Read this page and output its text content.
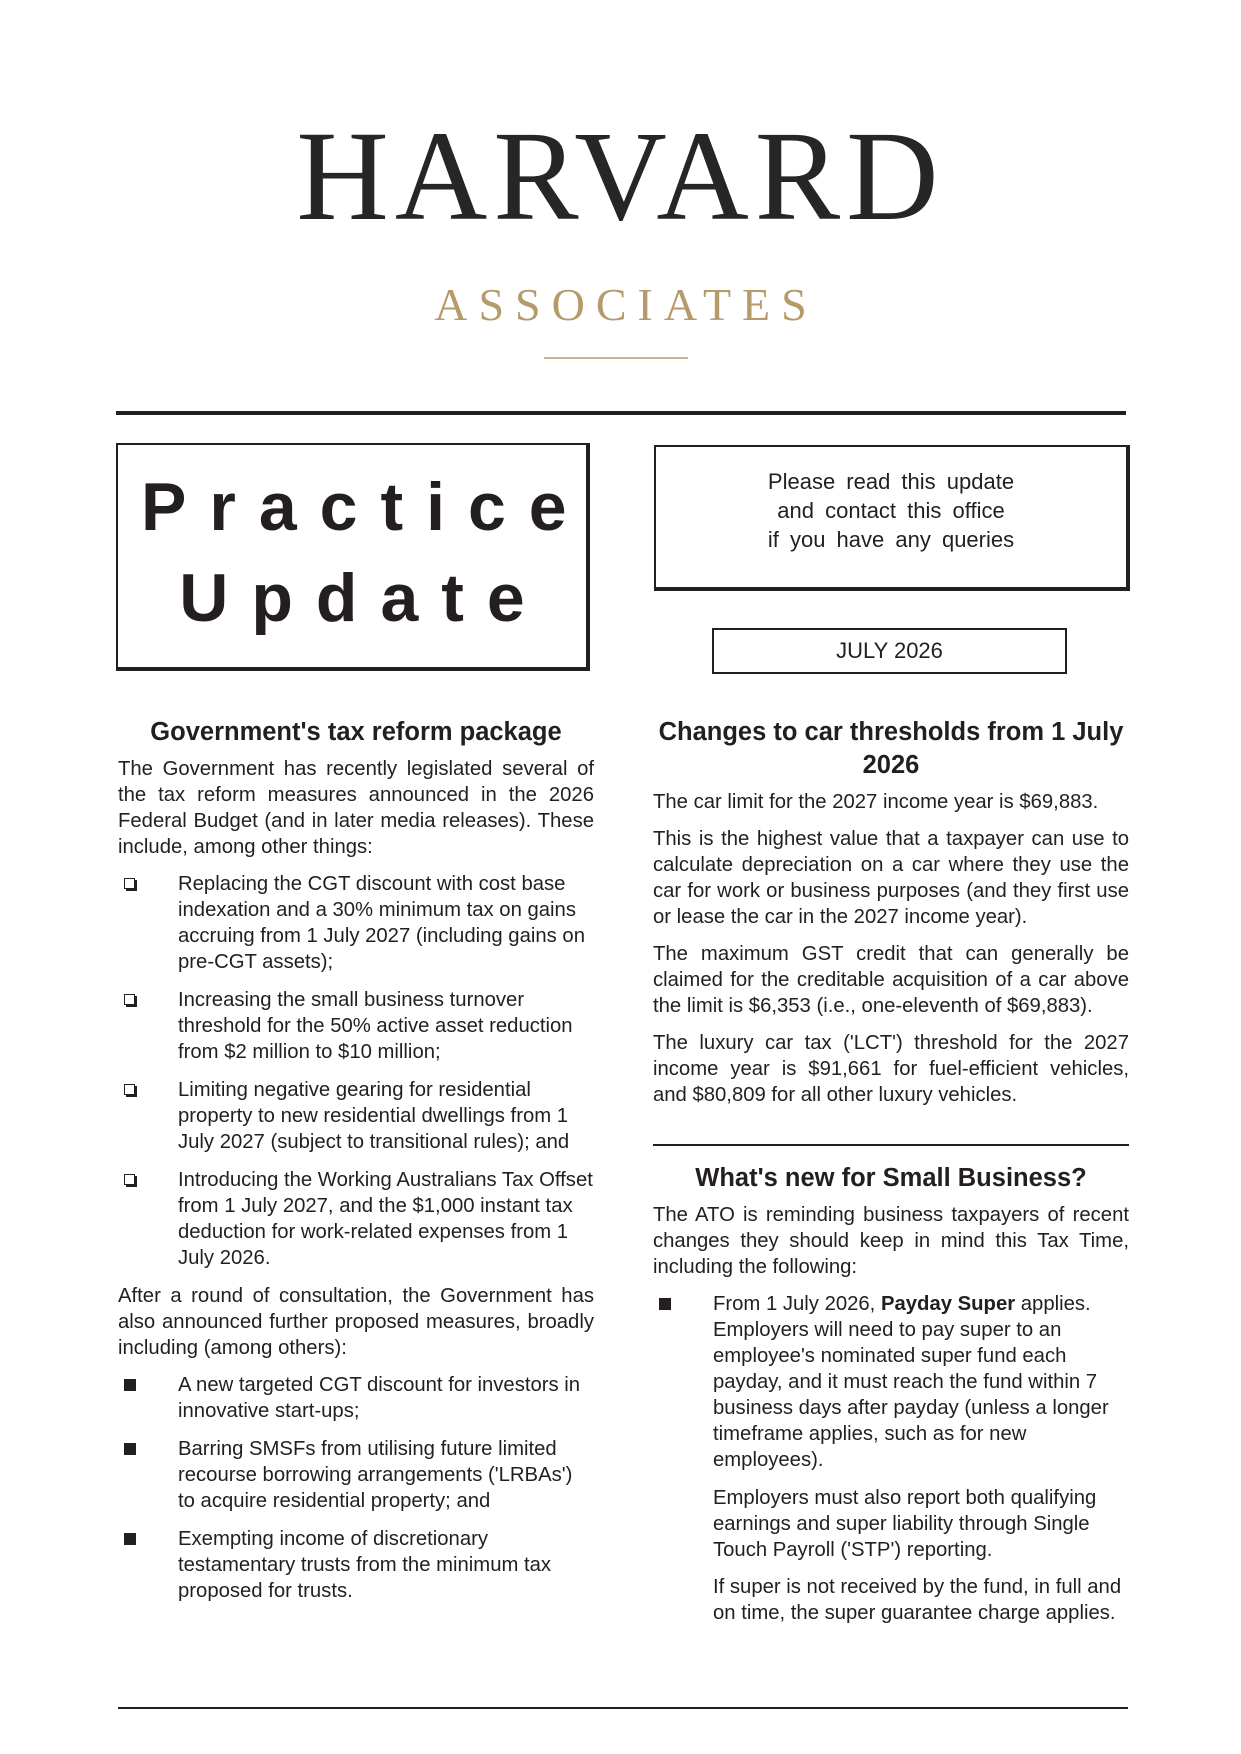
HARVARD
ASSOCIATES
Practice
Update
Please read this update
and contact this office
if you have any queries
JULY 2026
Government's tax reform package

The Government has recently legislated several of the tax reform measures announced in the 2026 Federal Budget (and in later media releases). These include, among other things:

Replacing the CGT discount with cost base indexation and a 30% minimum tax on gains accruing from 1 July 2027 (including gains on pre-CGT assets);
Increasing the small business turnover threshold for the 50% active asset reduction from $2 million to $10 million;
Limiting negative gearing for residential property to new residential dwellings from 1 July 2027 (subject to transitional rules); and
Introducing the Working Australians Tax Offset from 1 July 2027, and the $1,000 instant tax deduction for work-related expenses from 1 July 2026.

After a round of consultation, the Government has also announced further proposed measures, broadly including (among others):

A new targeted CGT discount for investors in innovative start-ups;
Barring SMSFs from utilising future limited recourse borrowing arrangements ('LRBAs') to acquire residential property; and
Exempting income of discretionary testamentary trusts from the minimum tax proposed for trusts.
Changes to car thresholds from 1 July 2026

The car limit for the 2027 income year is $69,883.

This is the highest value that a taxpayer can use to calculate depreciation on a car where they use the car for work or business purposes (and they first use or lease the car in the 2027 income year).

The maximum GST credit that can generally be claimed for the creditable acquisition of a car above the limit is $6,353 (i.e., one-eleventh of $69,883).

The luxury car tax ('LCT') threshold for the 2027 income year is $91,661 for fuel-efficient vehicles, and $80,809 for all other luxury vehicles.

What's new for Small Business?

The ATO is reminding business taxpayers of recent changes they should keep in mind this Tax Time, including the following:

From 1 July 2026, Payday Super applies. Employers will need to pay super to an employee's nominated super fund each payday, and it must reach the fund within 7 business days after payday (unless a longer timeframe applies, such as for new employees).
Employers must also report both qualifying earnings and super liability through Single Touch Payroll ('STP') reporting.
If super is not received by the fund, in full and on time, the super guarantee charge applies.
